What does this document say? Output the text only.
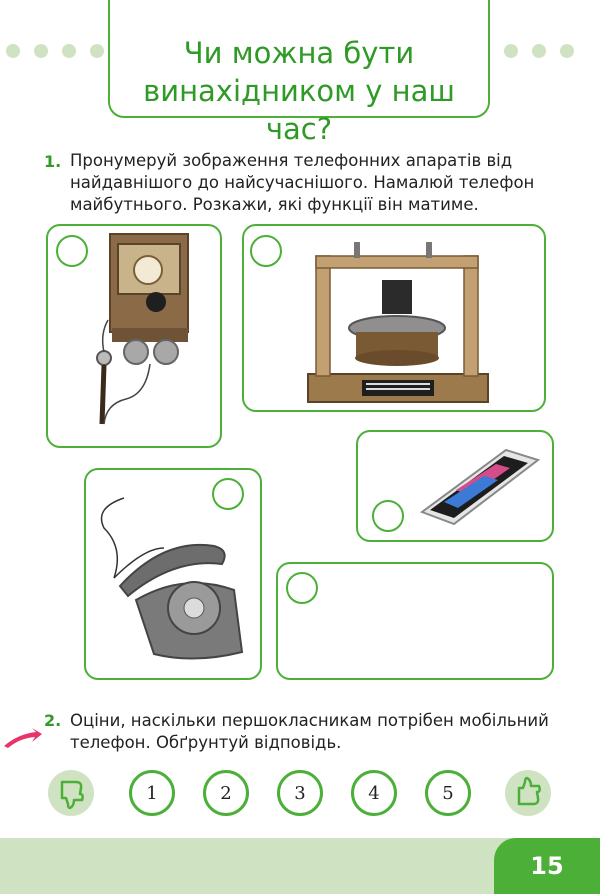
Чи можна бути
винахідником у наш час?
1. Пронумеруй зображення телефонних апаратів від
найдавнішого до найсучаснішого. Намалюй телефон
майбутнього. Розкажи, які функції він матиме.
2. Оціни, наскільки першокласникам потрібен мобільний
телефон. Обґрунтуй відповідь.
1	2	3	4	5
15
